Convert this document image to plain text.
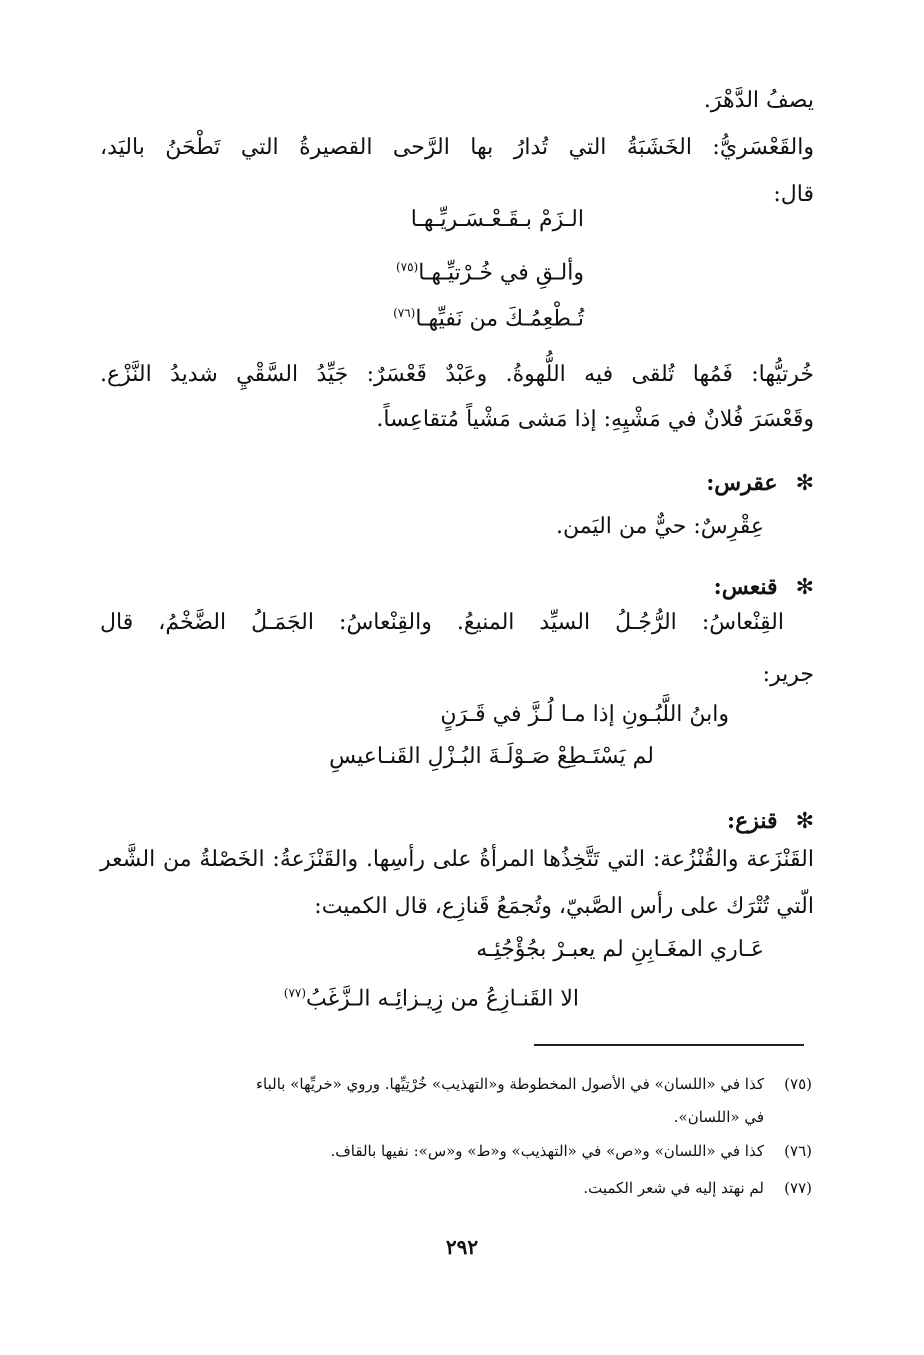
يصفُ الدَّهْرَ.
والقَعْسَريُّ: الخَشَبَةُ التي تُدارُ بها الرَّحى القصيرةُ التي تَطْحَنُ باليَد،
قال:
الـزَمْ بـقَـعْـسَـريِّـهـا
وألـقِ في خُـرْتيِّـهـا$^{(٧٥)}$
تُـطْعِمُـكَ من نَفيِّهـا$^{(٧٦)}$
خُرتيُّها: فَمُها تُلقى فيه اللُّهوةُ. وعَبْدٌ قَعْسَرٌ: جَيِّدُ السَّقْيِ شديدُ النَّزْع.
وقَعْسَرَ فُلانٌ في مَشْيِهِ: إذا مَشى مَشْياً مُتقاعِساً.
✻عقرس:
عِقْرِسٌ: حيٌّ من اليَمن.
✻قنعس:
القِنْعاسُ: الرُّجُـلُ السيِّد المنيعُ. والقِنْعاسُ: الجَمَـلُ الضَّخْمُ، قال
جرير:
وابنُ اللَّبُـونِ إذا مـا لُـزَّ في قَـرَنٍ
لم يَسْتَـطِعْ صَـوْلَـةَ البُـزْلِ القَنـاعيسِ
✻قنزع:
القَنْزَعة والقُنْزُعة: التي تَتَّخِذُها المرأةُ على رأسِها. والقَنْزَعةُ: الخَصْلةُ من الشَّعر
الّتي تُتْرَك على رأس الصَّبيّ، وتُجمَعُ قَنازِع، قال الكميت:
عَـاري المغَـابِنِ لم يعبـرْ بجُؤْجُئِـه
الا القَنـازِعُ من زِيـزائِـه الـزَّغَبُ$^{(٧٧)}$
(٧٥)كذا في «اللسان» في الأصول المخطوطة و«التهذيب» خُرْتِيِّها. وروي «خريِّها» بالباء
في «اللسان».
(٧٦)كذا في «اللسان» و«ص» في «التهذيب» و«ط» و«س»: نفيها بالقاف.
(٧٧)لم نهتد إليه في شعر الكميت.
٢٩٢
